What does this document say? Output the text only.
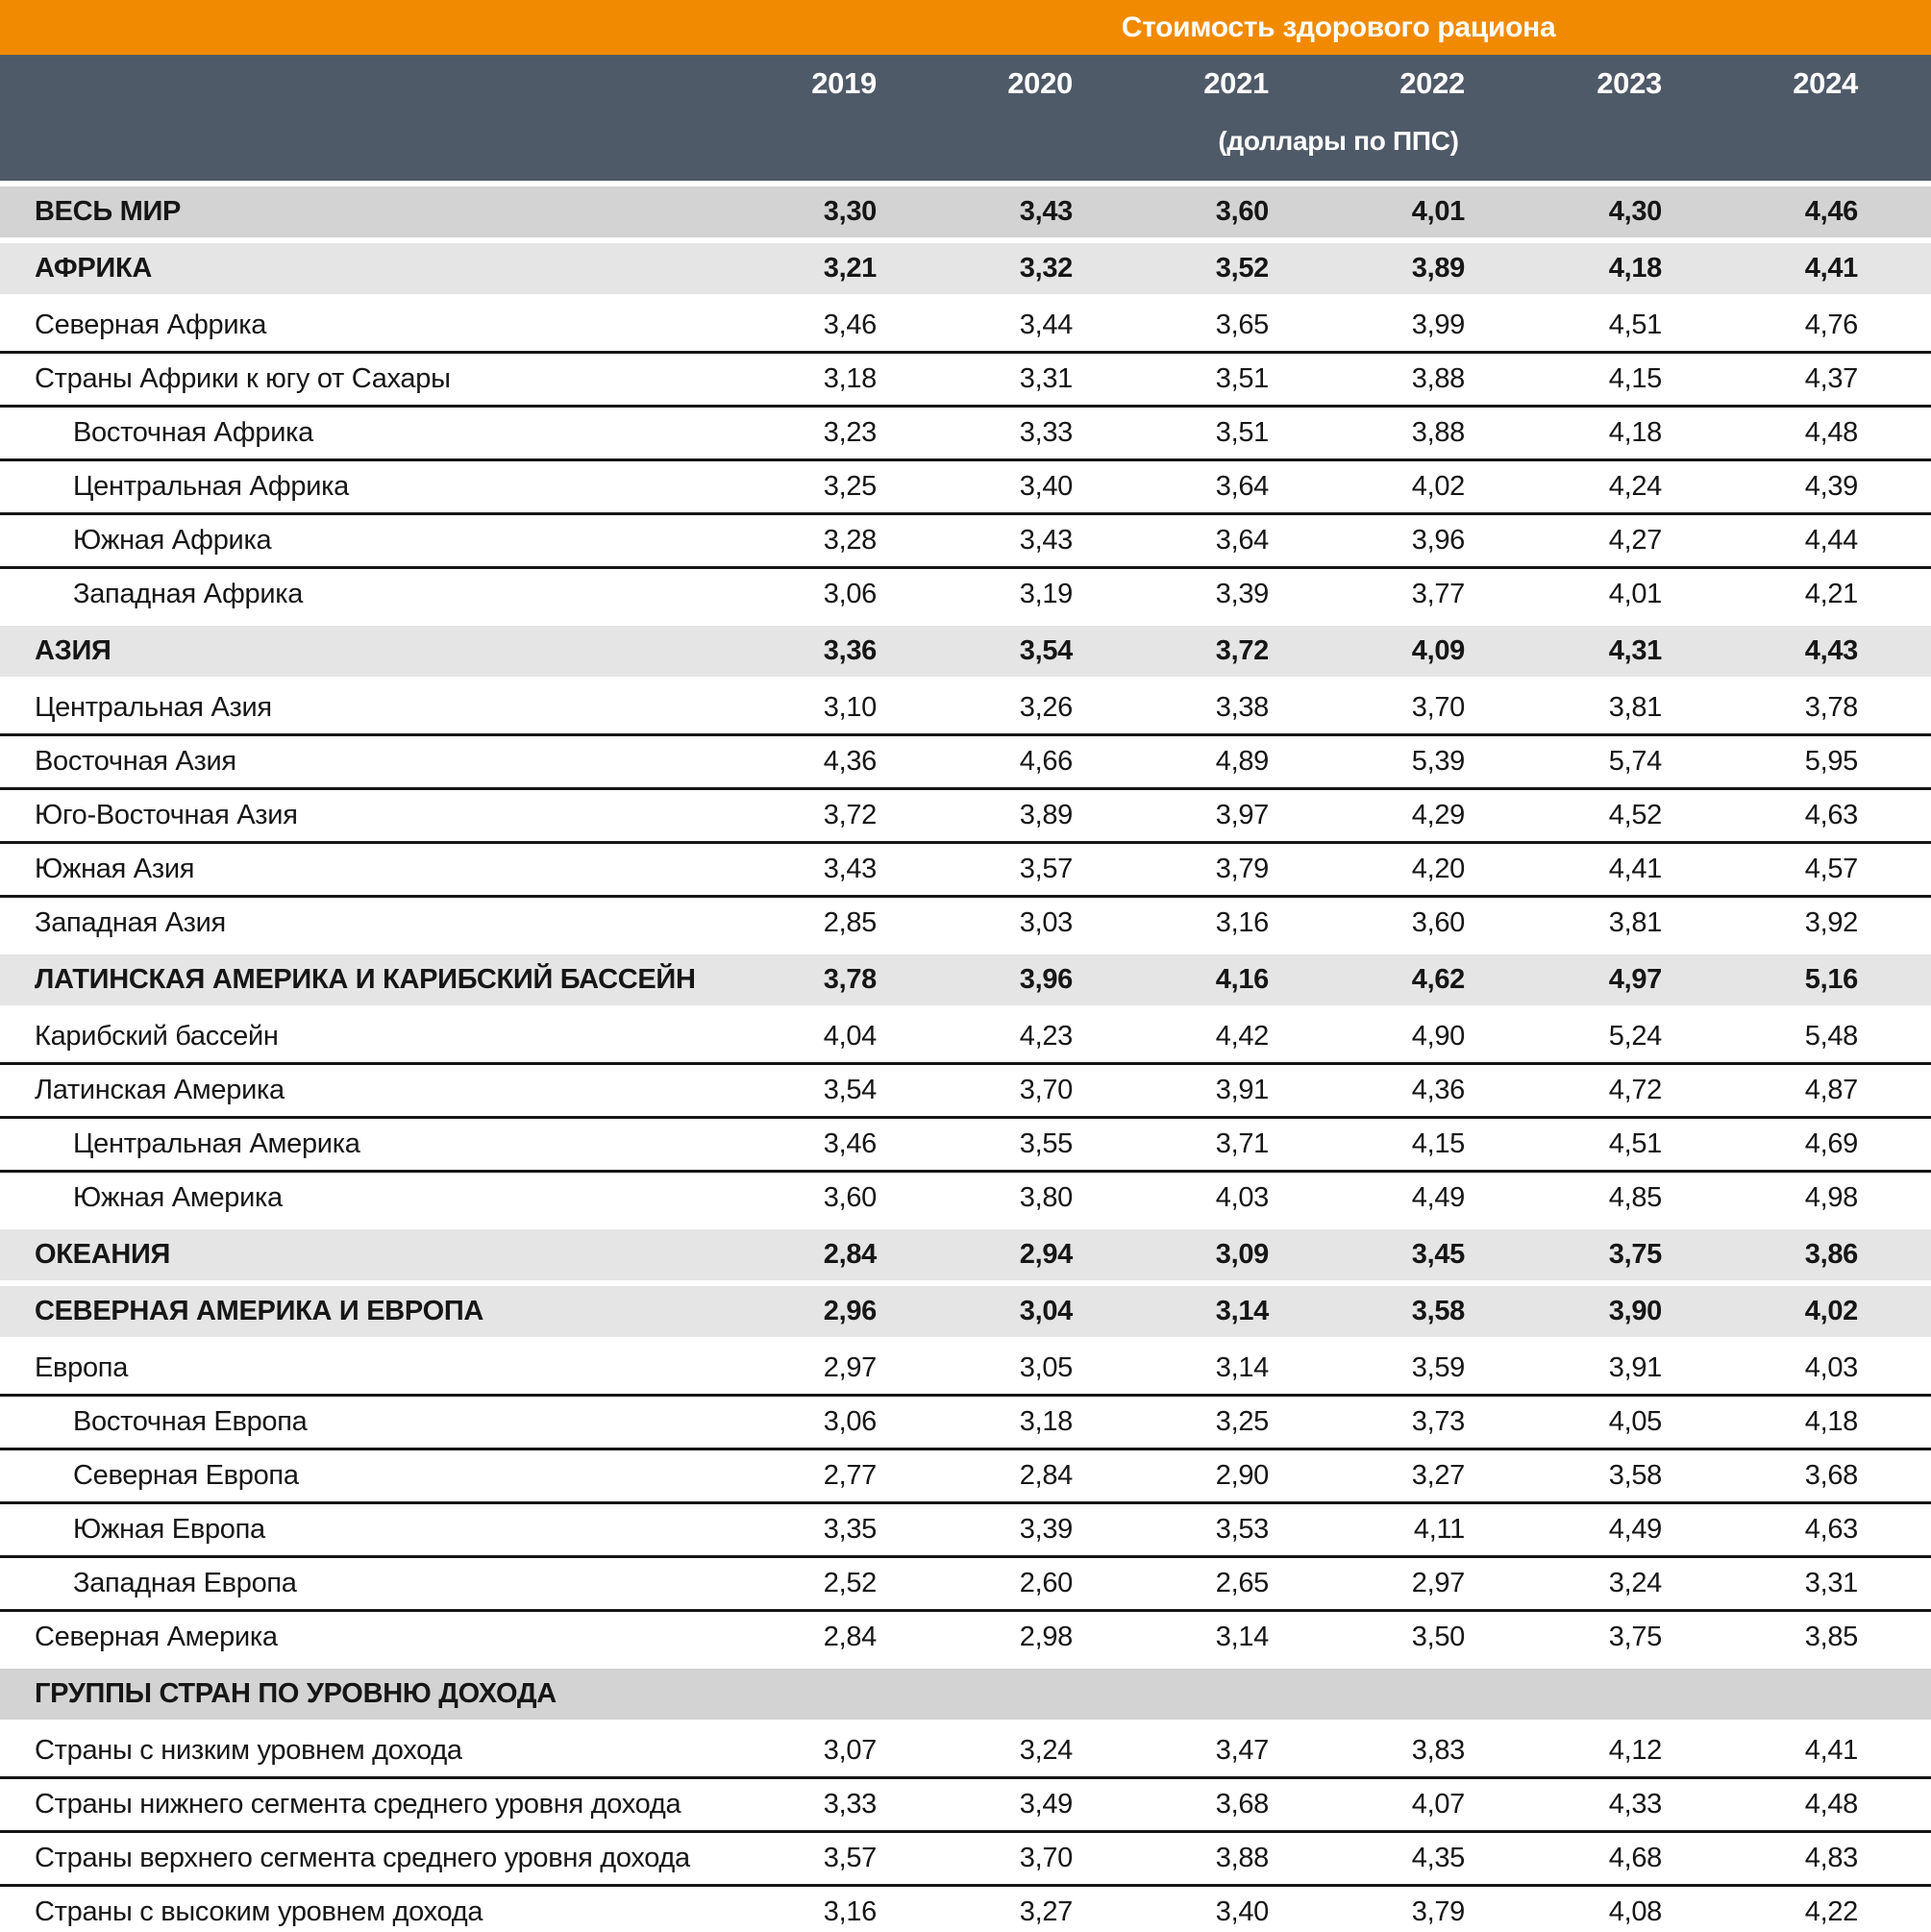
	Стоимость здорового рациона						
	2019	2020	2021	2022	2023	2024	
	(доллары по ППС)						
ВЕСЬ МИР	3,30	3,43	3,60	4,01	4,30	4,46	
АФРИКА	3,21	3,32	3,52	3,89	4,18	4,41	
Северная Африка	3,46	3,44	3,65	3,99	4,51	4,76	
Страны Африки к югу от Сахары	3,18	3,31	3,51	3,88	4,15	4,37	
Восточная Африка	3,23	3,33	3,51	3,88	4,18	4,48	
Центральная Африка	3,25	3,40	3,64	4,02	4,24	4,39	
Южная Африка	3,28	3,43	3,64	3,96	4,27	4,44	
Западная Африка	3,06	3,19	3,39	3,77	4,01	4,21	
АЗИЯ	3,36	3,54	3,72	4,09	4,31	4,43	
Центральная Азия	3,10	3,26	3,38	3,70	3,81	3,78	
Восточная Азия	4,36	4,66	4,89	5,39	5,74	5,95	
Юго-Восточная Азия	3,72	3,89	3,97	4,29	4,52	4,63	
Южная Азия	3,43	3,57	3,79	4,20	4,41	4,57	
Западная Азия	2,85	3,03	3,16	3,60	3,81	3,92	
ЛАТИНСКАЯ АМЕРИКА И КАРИБСКИЙ БАССЕЙН	3,78	3,96	4,16	4,62	4,97	5,16	
Карибский бассейн	4,04	4,23	4,42	4,90	5,24	5,48	
Латинская Америка	3,54	3,70	3,91	4,36	4,72	4,87	
Центральная Америка	3,46	3,55	3,71	4,15	4,51	4,69	
Южная Америка	3,60	3,80	4,03	4,49	4,85	4,98	
ОКЕАНИЯ	2,84	2,94	3,09	3,45	3,75	3,86	
СЕВЕРНАЯ АМЕРИКА И ЕВРОПА	2,96	3,04	3,14	3,58	3,90	4,02	
Европа	2,97	3,05	3,14	3,59	3,91	4,03	
Восточная Европа	3,06	3,18	3,25	3,73	4,05	4,18	
Северная Европа	2,77	2,84	2,90	3,27	3,58	3,68	
Южная Европа	3,35	3,39	3,53	4,11	4,49	4,63	
Западная Европа	2,52	2,60	2,65	2,97	3,24	3,31	
Северная Америка	2,84	2,98	3,14	3,50	3,75	3,85	
ГРУППЫ СТРАН ПО УРОВНЮ ДОХОДА							
Страны с низким уровнем дохода	3,07	3,24	3,47	3,83	4,12	4,41	
Страны нижнего сегмента среднего уровня дохода	3,33	3,49	3,68	4,07	4,33	4,48	
Страны верхнего сегмента среднего уровня дохода	3,57	3,70	3,88	4,35	4,68	4,83	
Страны с высоким уровнем дохода	3,16	3,27	3,40	3,79	4,08	4,22	
